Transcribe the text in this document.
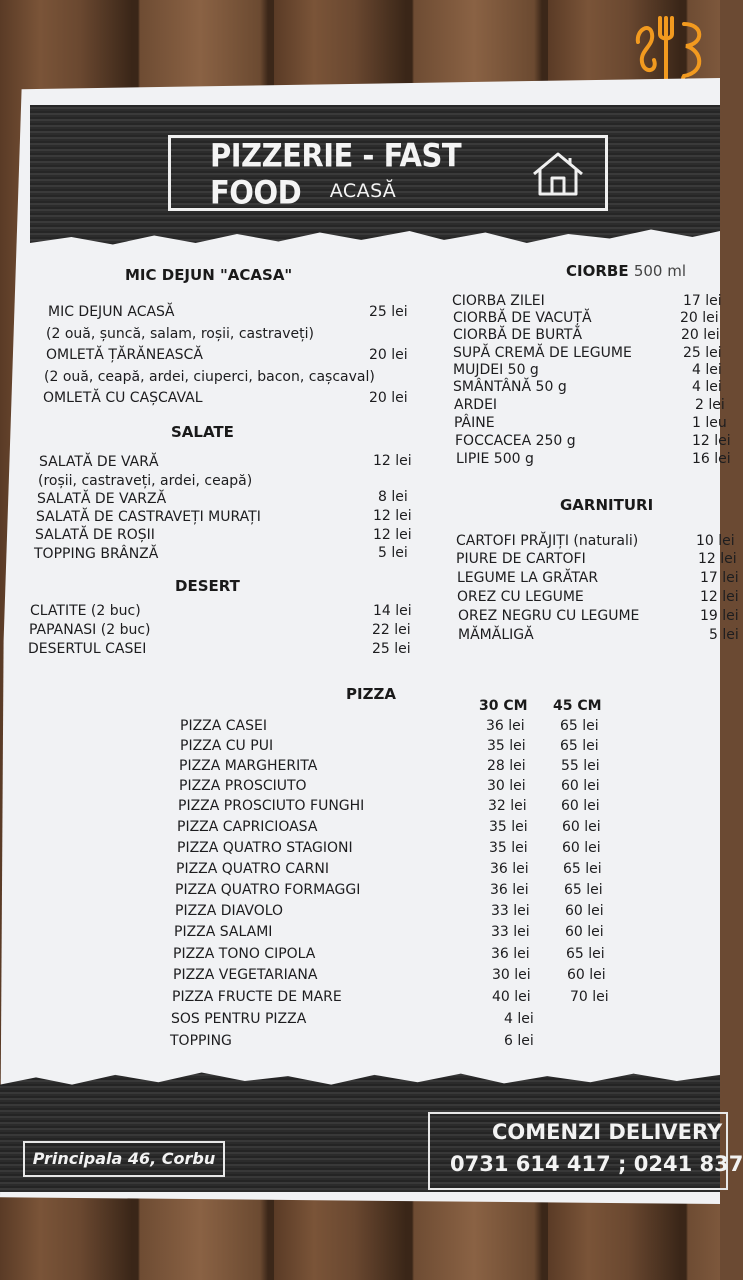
PIZZERIE - FAST FOOD	ACASĂ
MIC DEJUN "ACASA"
MIC DEJUN ACASĂ	25 lei
(2 ouă, șuncă, salam, roșii, castraveți)
OMLETĂ ȚĂRĂNEASCĂ	20 lei
(2 ouă, ceapă, ardei, ciuperci, bacon, cașcaval)
OMLETĂ CU CAȘCAVAL	20 lei
SALATE
SALATĂ DE VARĂ	12 lei
(roșii, castraveți, ardei, ceapă)
SALATĂ DE VARZĂ	8 lei
SALATĂ DE CASTRAVEȚI MURAȚI	12 lei
SALATĂ DE ROȘII	12 lei
TOPPING BRÂNZĂ	5 lei
DESERT
CLATITE (2 buc)	14 lei
PAPANASI (2 buc)	22 lei
DESERTUL CASEI	25 lei
CIORBE 500 ml
CIORBA ZILEI	17 lei
CIORBĂ DE VACUȚĂ	20 lei
CIORBĂ DE BURTĂ	20 lei
SUPĂ CREMĂ DE LEGUME	25 lei
MUJDEI 50 g	4 lei
SMÂNTÂNĂ 50 g	4 lei
ARDEI	2 lei
PÂINE	1 leu
FOCCACEA 250 g	12 lei
LIPIE 500 g	16 lei
GARNITURI
CARTOFI PRĂJIȚI (naturali)	10 lei
PIURE DE CARTOFI	12 lei
LEGUME LA GRĂTAR	17 lei
OREZ CU LEGUME	12 lei
OREZ NEGRU CU LEGUME	19 lei
MĂMĂLIGĂ	5 lei
PIZZA
30 CM 45 CM
PIZZA CASEI	36 lei	65 lei
PIZZA CU PUI	35 lei 65 lei
PIZZA MARGHERITA	28 lei	55 lei
PIZZA PROSCIUTO	30 lei	60 lei
PIZZA PROSCIUTO FUNGHI	32 lei 60 lei
PIZZA CAPRICIOASA	35 lei 60 lei
PIZZA QUATRO STAGIONI	35 lei 60 lei
PIZZA QUATRO CARNI	36 lei 65 lei
PIZZA QUATRO FORMAGGI	36 lei	65 lei
PIZZA DIAVOLO	33 lei	60 lei
PIZZA SALAMI	33 lei	60 lei
PIZZA TONO CIPOLA	36 lei	65 lei
PIZZA VEGETARIANA	30 lei	60 lei
PIZZA FRUCTE DE MARE	40 lei	70 lei
SOS PENTRU PIZZA	4 lei
TOPPING	6 lei
Principala 46, Corbu
COMENZI DELIVERY
0731 614 417 ; 0241 837
